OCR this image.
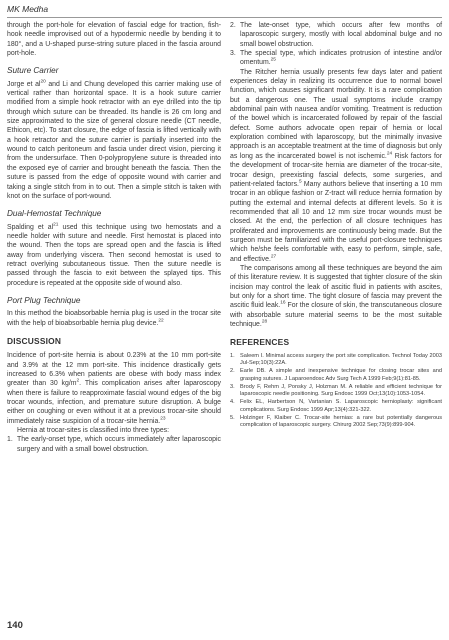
MK Medha

through the port-hole for elevation of fascial edge for traction, fish-hook needle improvised out of a hypodermic needle by bending it to 180°, and a U-shaped purse-string suture placed in the fascia around port-hole.

Suture Carrier

Jorge et $al^{20}$ and Li and Chung developed this carrier making use of vertical rather than horizontal space. It is a hook suture carrier modified from a simple hook retractor with an eye drilled into the tip through which suture can be threaded. Its handle is 26 cm long and size approximated to the size of general closure needle (CT needle, Ethicon, etc). To start closure, the edge of fascia is lifted vertically with a hook retractor and the suture carrier is partially inserted into the wound to catch peritoneum and fascia under direct vision, piercing it from the undersurface. Then 0-polypropylene suture is threaded into the exposed eye of carrier and brought beneath the fascia. Then the suture is passed from the edge of opposite wound with carrier and taking a single stitch from in to out. Then a simple stitch is taken with knot on the surface of port-wound.

Dual-Hemostat Technique

Spalding et $al^{21}$ used this technique using two hemostats and a needle holder with suture and needle. First hemostat is placed into the wound. Then the tops are spread open and the fascia is lifted away from underlying viscera. Then second hemostat is used to retract overlying subcutaneous tissue. Then the suture needle is passed through the fascia to exit between the splayed tips. This procedure is repeated at the opposite side of wound also.

Port Plug Technique

In this method the bioabsorbable hernia plug is used in the trocar site with the help of bioabsorbable hernia plug device.$^{22}$

DISCUSSION

Incidence of port-site hernia is about 0.23% at the 10 mm port-site and 3.9% at the 12 mm port-site. This incidence drastically gets increased to 6.3% when patients are obese with body mass index greater than 30 $kg/m^2$. This complication arises after laparoscopy when there is failure to reapproximate fascial wound edges of the big trocar wounds, infection, and premature suture disruption. A bulge either on coughing or even without it at a previous trocar-site should immediately raise suspicion of a trocar-site hernia.$^{23}$

Hernia at trocar-sites is classified into three types:

1. The early-onset type, which occurs immediately after laparoscopic surgery and with a small bowel obstruction.
2. The late-onset type, which occurs after few months of laparoscopic surgery, mostly with local abdominal bulge and no small bowel obstruction.
3. The special type, which indicates protrusion of intestine and/or omentum.$^{25}$

The Ritcher hernia usually presents few days later and patient experiences delay in realizing its occurrence due to normal bowel function, which causes significant morbidity. It is a rare complication but a dangerous one. The usual symptoms include crampy abdominal pain with nausea and/or vomiting. Treatment is reduction of the bowel which is incarcerated followed by repair of the fascial defect. Some authors advocate open repair of hernia or local exploration combined with laparoscopy, but the minimally invasive approach is an acceptable treatment at the time of diagnosis but only as long as the incarcerated bowel is not ischemic.$^{24}$ Risk factors for the development of trocar-site hernia are diameter of the trocar-site, trocar design, preexisting fascial defects, some surgeries, and patient-related factors.$^5$ Many authors believe that inserting a 10 mm trocar in an oblique fashion or Z-tract will reduce hernia formation by putting the external and internal defects at different levels. So it is recommended that all 10 and 12 mm size trocar wounds must be closed. At the end, the perfection of all closure techniques has proliferated and improvements are continuously being made. But the surgeon must be familiarized with the useful port-closure techniques which he/she feels comfortable with, easy to perform, simple, safe, and effective.$^{27}$

The comparisons among all these techniques are beyond the aim of this literature review. It is suggested that tighter closure of the skin incision may control the leak of ascitic fluid in patients with ascites, but only for a short time. The tight closure of fascia may prevent the ascitic fluid leak.$^{16}$ For the closure of skin, the transcutaneous closure with absorbable suture material seems to be the most suitable technique.$^{28}$

REFERENCES
1. Saleem I. Minimal access surgery the port site complication. Technol Today 2003 Jul-Sep;10(3):22A.
2. Earle DB. A simple and inexpensive technique for closing trocar sites and grasping sutures. J Laparoendosc Adv Surg Tech A 1999 Feb;9(1):81-85.
3. Brody F, Rehm J, Ponsky J, Holzman M. A reliable and efficient technique for laparoscopic needle positioning. Surg Endosc 1999 Oct;13(10):1053-1054.
4. Felix EL, Harbertson N, Vartanian S. Laparoscopic hernioplasty: significant complications. Surg Endosc 1999 Apr;13(4):321-322.
5. Holzinger F, Klaiber C. Trocar-site hernias: a rare but potentially dangerous complication of laparoscopic surgery. Chirurg 2002 Sep;73(9):899-904.
140
